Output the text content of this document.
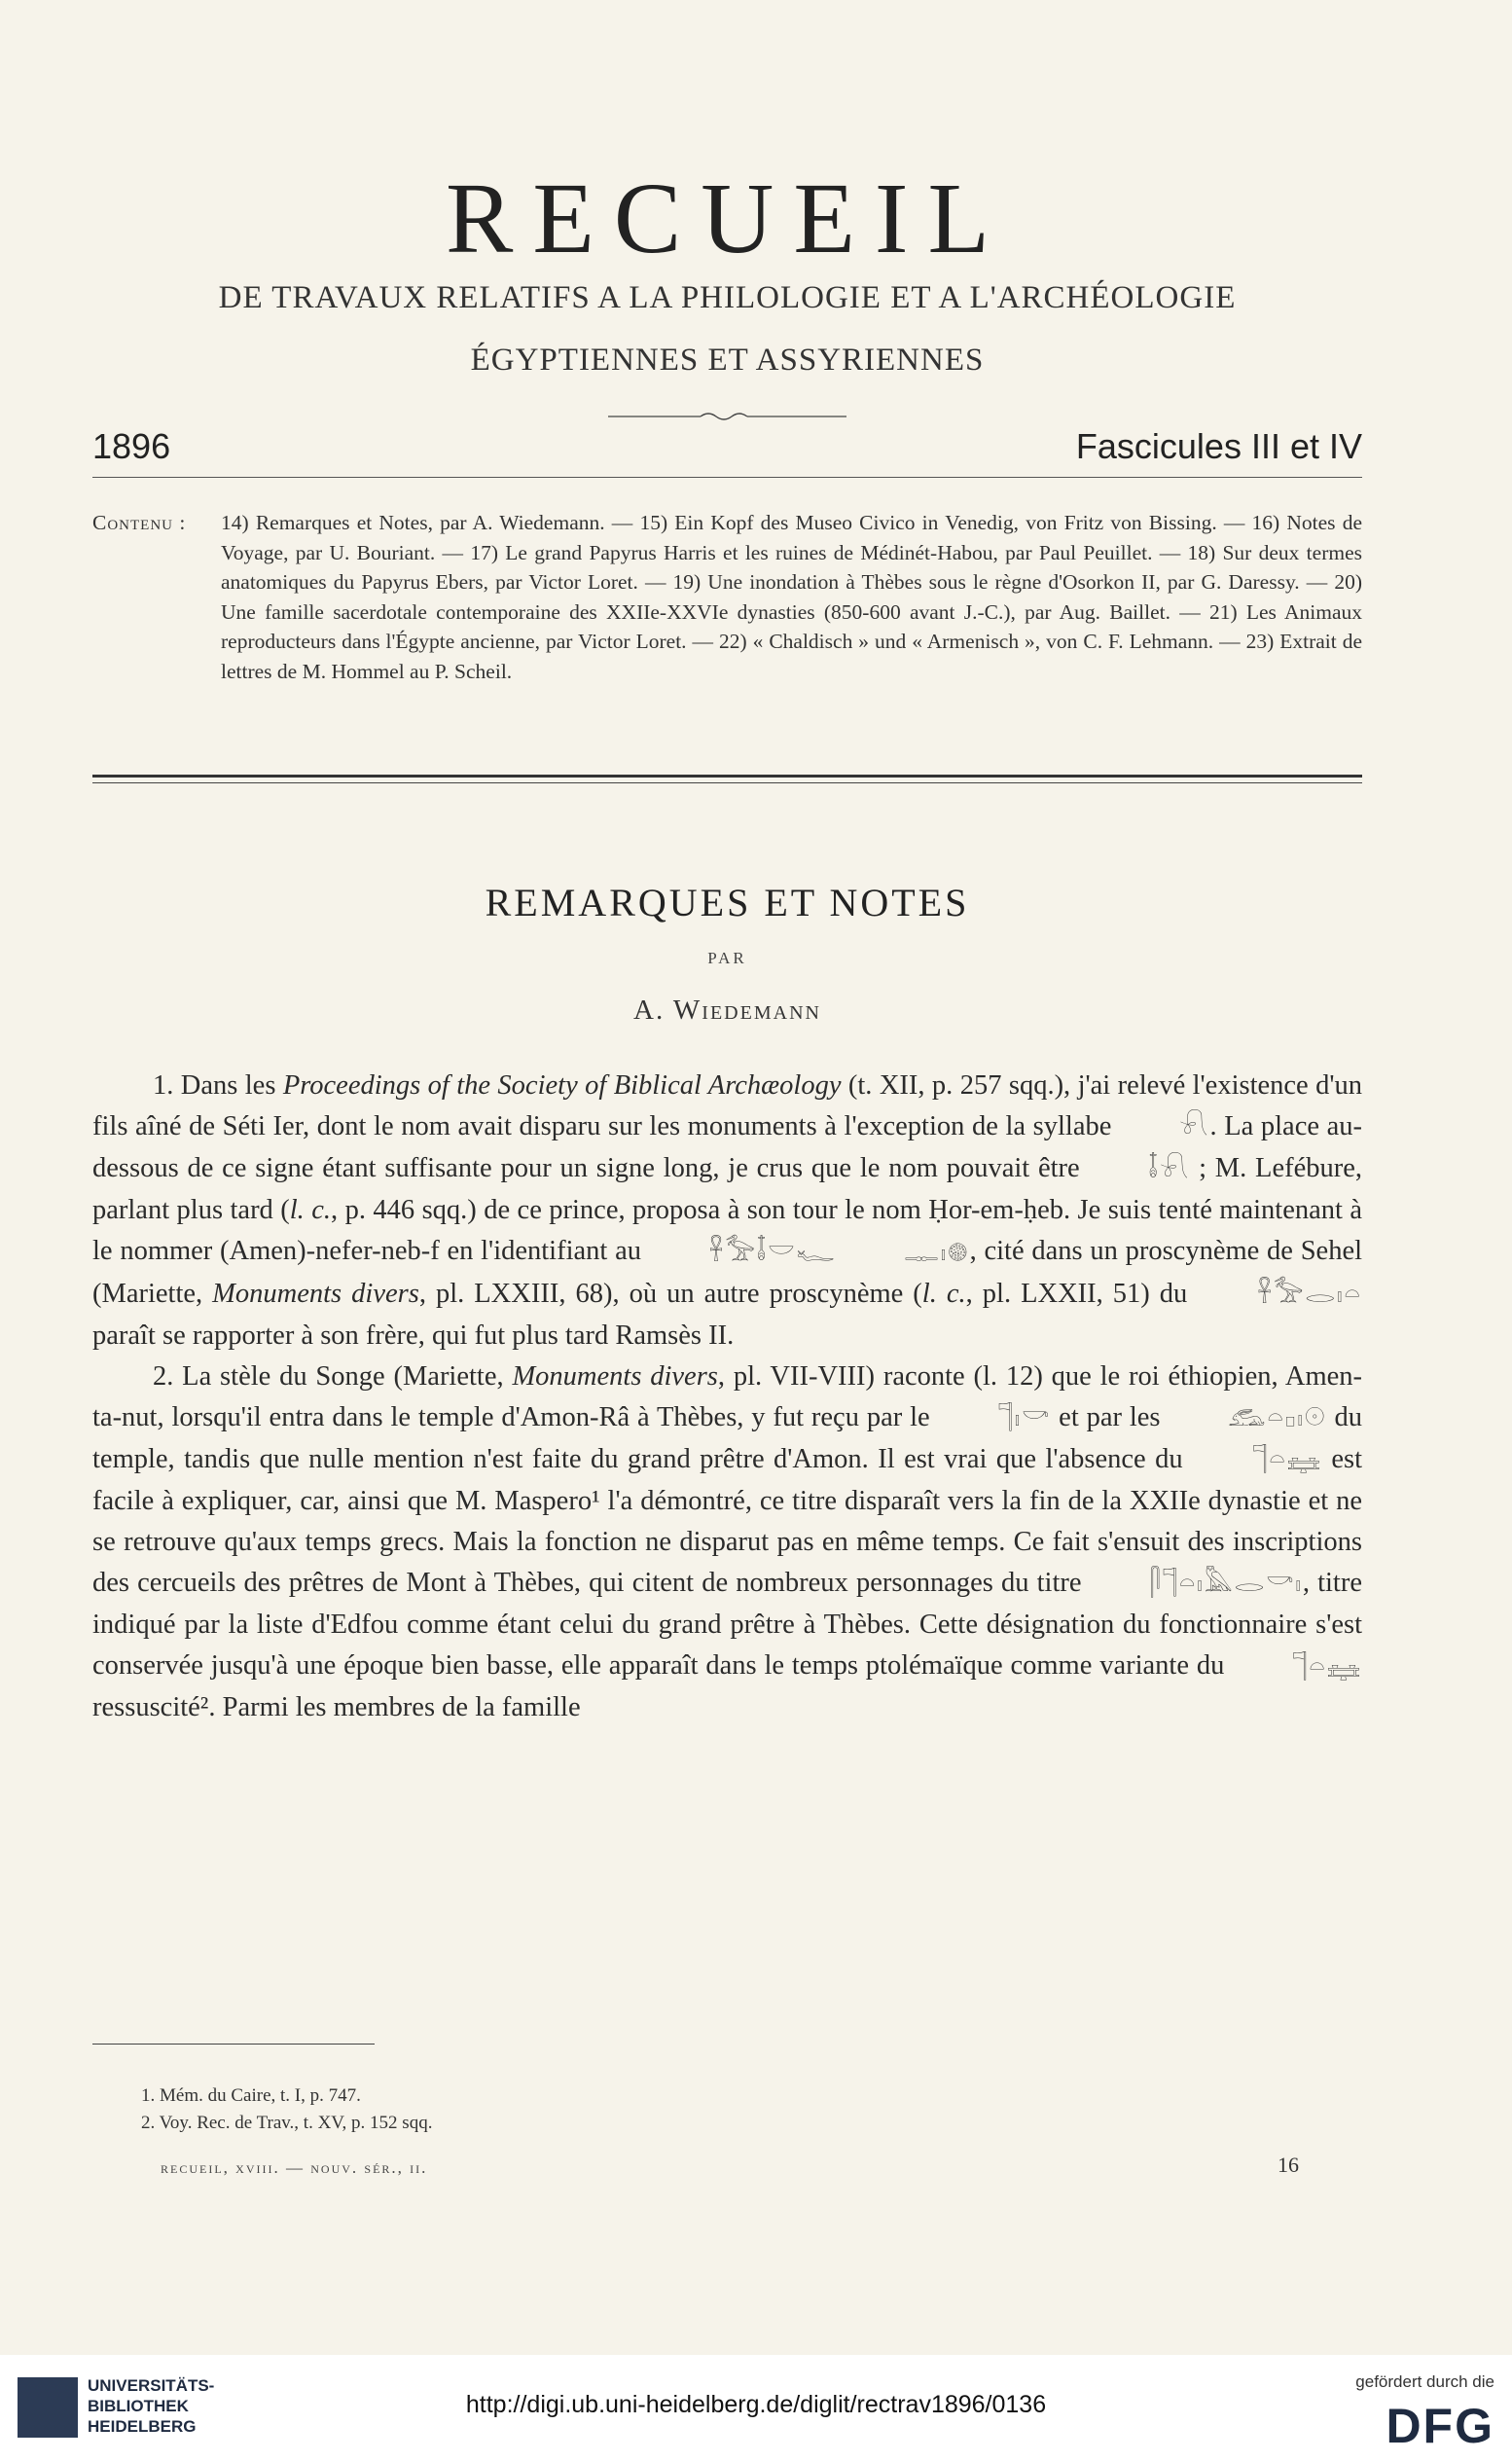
RECUEIL
DE TRAVAUX RELATIFS A LA PHILOLOGIE ET A L'ARCHÉOLOGIE
ÉGYPTIENNES ET ASSYRIENNES
1896	Fascicules III et IV
Contenu : 14) Remarques et Notes, par A. Wiedemann. — 15) Ein Kopf des Museo Civico in Venedig, von Fritz von Bissing. — 16) Notes de Voyage, par U. Bouriant. — 17) Le grand Papyrus Harris et les ruines de Médinét-Habou, par Paul Peuillet. — 18) Sur deux termes anatomiques du Papyrus Ebers, par Victor Loret. — 19) Une inondation à Thèbes sous le règne d'Osorkon II, par G. Daressy. — 20) Une famille sacerdotale contemporaine des XXIIe-XXVIe dynasties (850-600 avant J.-C.), par Aug. Baillet. — 21) Les Animaux reproducteurs dans l'Égypte ancienne, par Victor Loret. — 22) « Chaldisch » und « Armenisch », von C. F. Lehmann. — 23) Extrait de lettres de M. Hommel au P. Scheil.
REMARQUES ET NOTES
PAR
A. Wiedemann

1. Dans les Proceedings of the Society of Biblical Archæology (t. XII, p. 257 sqq.), j'ai relevé l'existence d'un fils aîné de Séti Ier, dont le nom avait disparu sur les monuments à l'exception de la syllabe	𓍯. La place au-dessous de ce signe étant suffisante pour un signe long, je crus que le nom pouvait être	𓄤𓍯 ; M. Lefébure, parlant plus tard (l. c., p. 446 sqq.) de ce prince, proposa à son tour le nom Ḥor-em-ḥeb. Je suis tenté maintenant à le nommer (Amen)-nefer-neb-f en l'identifiant au	𓋹𓅡𓄤𓎟𓆑	𓊃𓏤𓊗, cité dans un proscynème de Sehel (Mariette, Monuments divers, pl. LXXIII, 68), où un autre proscynème (l. c., pl. LXXII, 51) du	𓋹𓅡𓂋𓏤𓏏 paraît se rapporter à son frère, qui fut plus tard Ramsès II.

2. La stèle du Songe (Mariette, Monuments divers, pl. VII-VIII) raconte (l. 12) que le roi éthiopien, Amen-ta-nut, lorsqu'il entra dans le temple d'Amon-Râ à Thèbes, y fut reçu par le	𓊹𓏤𓎡 et par les	𓃹𓏏𓊪𓏤𓇳 du temple, tandis que nulle mention n'est faite du grand prêtre d'Amon. Il est vrai que l'absence du	𓊹𓏏𓈐 est facile à expliquer, car, ainsi que M. Maspero¹ l'a démontré, ce titre disparaît vers la fin de la XXIIe dynastie et ne se retrouve qu'aux temps grecs. Mais la fonction ne disparut pas en même temps. Ce fait s'ensuit des inscriptions des cercueils des prêtres de Mont à Thèbes, qui citent de nombreux personnages du titre	𓋴𓊹𓏏𓏤𓅓𓂋𓎡𓏤, titre indiqué par la liste d'Edfou comme étant celui du grand prêtre à Thèbes. Cette désignation du fonctionnaire s'est conservée jusqu'à une époque bien basse, elle apparaît dans le temps ptolémaïque comme variante du	𓊹𓏏𓈐 ressuscité². Parmi les membres de la famille

1. Mém. du Caire, t. I, p. 747.
2. Voy. Rec. de Trav., t. XV, p. 152 sqq.
recueil, xviii. — nouv. sér., ii.	16
UNIVERSITÄTS-
BIBLIOTHEK
HEIDELBERG
http://digi.ub.uni-heidelberg.de/diglit/rectrav1896/0136
gefördert durch die
DFG
